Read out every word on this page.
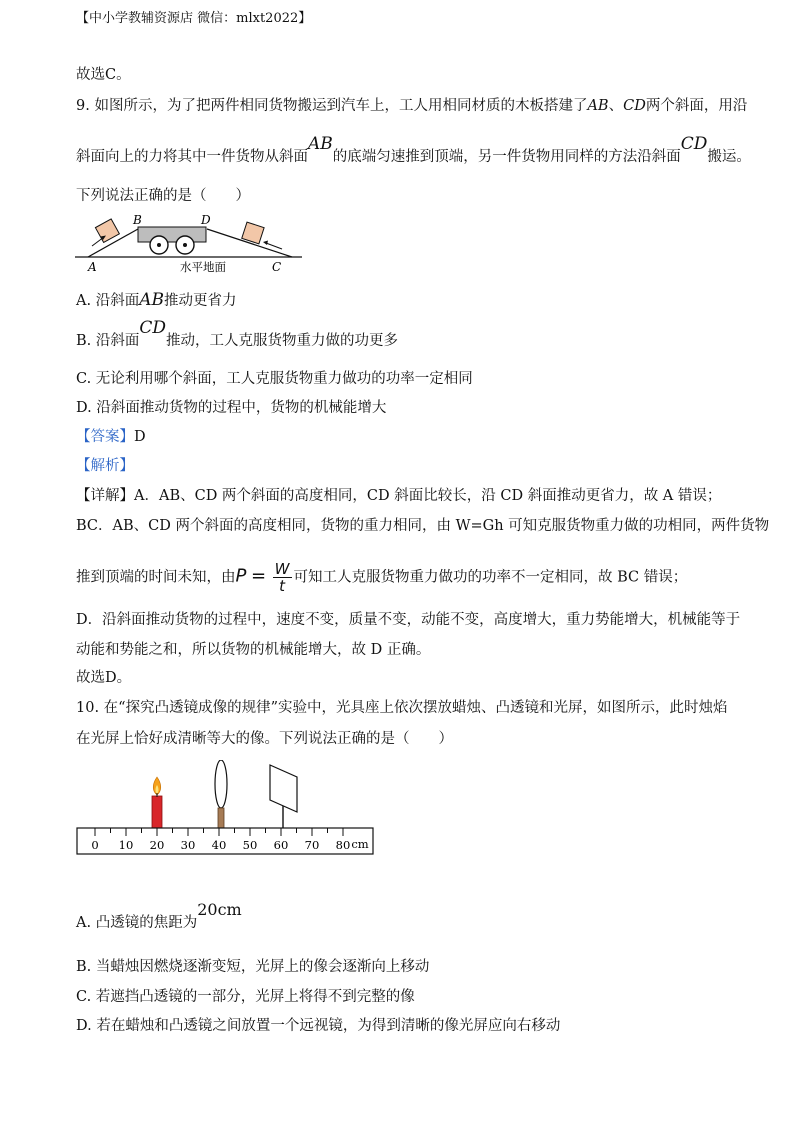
【中小学教辅资源店 微信：mlxt2022】
故选C。
9. 如图所示，为了把两件相同货物搬运到汽车上，工人用相同材质的木板搭建了AB、CD两个斜面，用沿
斜面向上的力将其中一件货物从斜面AB的底端匀速推到顶端，另一件货物用同样的方法沿斜面CD搬运。
下列说法正确的是（　　）
A
B	D
C
水平地面
A. 沿斜面AB推动更省力
B. 沿斜面CD推动，工人克服货物重力做的功更多
C. 无论利用哪个斜面，工人克服货物重力做功的功率一定相同
D. 沿斜面推动货物的过程中，货物的机械能增大
【答案】D
【解析】
【详解】A．AB、CD 两个斜面的高度相同，CD 斜面比较长，沿 CD 斜面推动更省力，故 A 错误；
BC．AB、CD 两个斜面的高度相同，货物的重力相同，由 W=Gh 可知克服货物重力做的功相同，两件货物
推到顶端的时间未知，由$P = \frac{W}{t}$ 可知工人克服货物重力做功的功率不一定相同，故 BC 错误；
D．沿斜面推动货物的过程中，速度不变，质量不变，动能不变，高度增大，重力势能增大，机械能等于
动能和势能之和，所以货物的机械能增大，故 D 正确。
故选D。
10. 在“探究凸透镜成像的规律”实验中，光具座上依次摆放蜡烛、凸透镜和光屏，如图所示，此时烛焰
在光屏上恰好成清晰等大的像。下列说法正确的是（　　）
0 10 20 30 40 50 60 70 80 cm
A. 凸透镜的焦距为20cm
B. 当蜡烛因燃烧逐渐变短，光屏上的像会逐渐向上移动
C. 若遮挡凸透镜的一部分，光屏上将得不到完整的像
D. 若在蜡烛和凸透镜之间放置一个远视镜，为得到清晰的像光屏应向右移动
